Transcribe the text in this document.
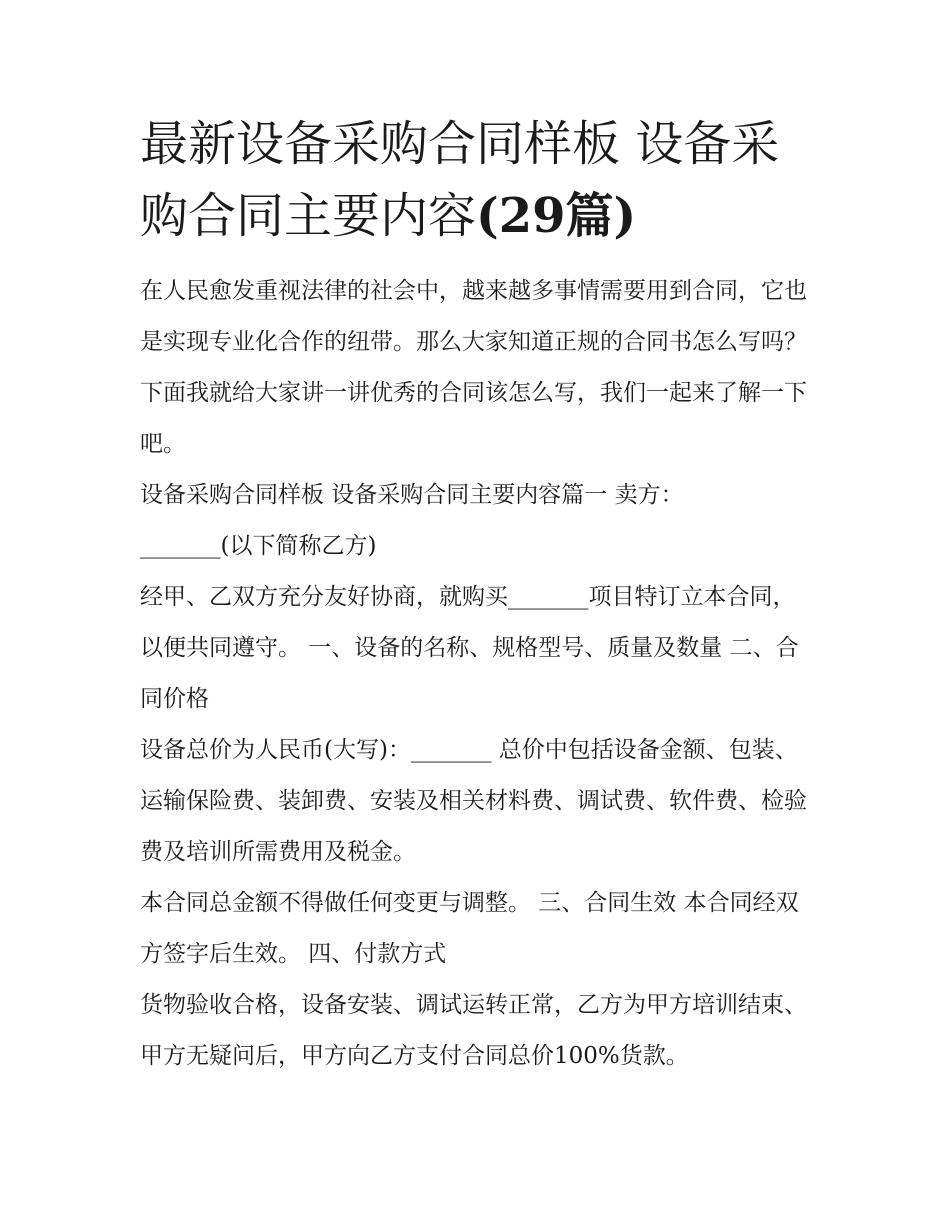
最新设备采购合同样板 设备采购合同主要内容(29篇)

在人民愈发重视法律的社会中，越来越多事情需要用到合同，它也是实现专业化合作的纽带。那么大家知道正规的合同书怎么写吗？下面我就给大家讲一讲优秀的合同该怎么写，我们一起来了解一下吧。

设备采购合同样板 设备采购合同主要内容篇一 卖方：

_______(以下简称乙方)

经甲、乙双方充分友好协商，就购买_______项目特订立本合同，以便共同遵守。 一、设备的名称、规格型号、质量及数量 二、合同价格

设备总价为人民币(大写)：_______ 总价中包括设备金额、包装、运输保险费、装卸费、安装及相关材料费、调试费、软件费、检验费及培训所需费用及税金。

本合同总金额不得做任何变更与调整。 三、合同生效 本合同经双方签字后生效。 四、付款方式

货物验收合格，设备安装、调试运转正常，乙方为甲方培训结束、甲方无疑问后，甲方向乙方支付合同总价100%货款。
